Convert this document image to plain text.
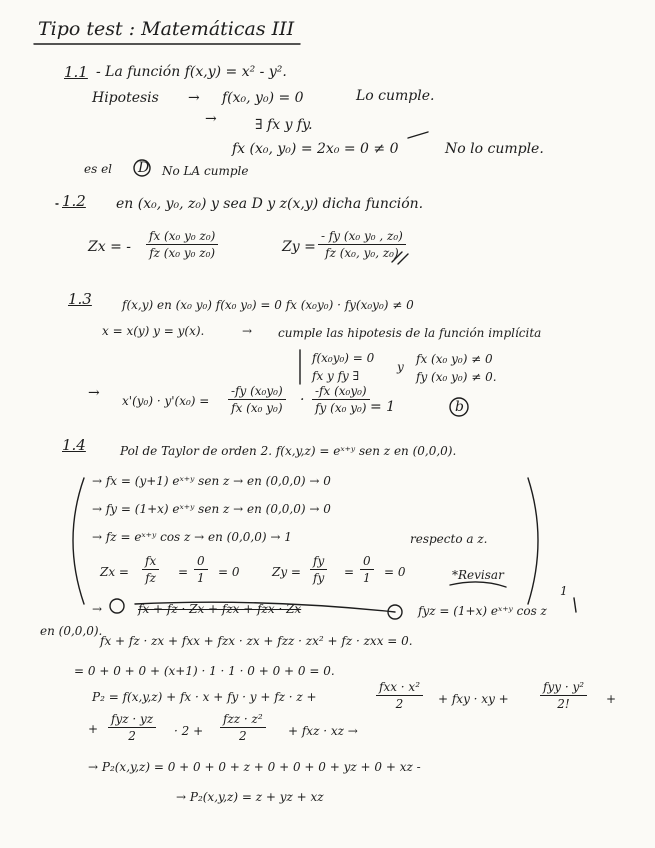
Tipo test : Matemáticas III
1.1 - La función f(x,y) = x² - y².
Hipotesis → f(x₀, y₀) = 0	Lo cumple.
→	∃ fx y fy.
fx (x₀, y₀) = 2x₀ = 0 ≠ 0	No lo cumple.
es el D No LA cumple
1.2 en (x₀, y₀, z₀) y sea D y z(x,y) dicha función.
Zx = - $\frac{\text{fx (x₀ y₀ z₀)}}{\text{fz (x₀ y₀ z₀)}}$	$Zy = \frac{\text{- fy (x₀ y₀ , z₀)}}{\text{fz (x₀, y₀, z₀)}}$
1.3	f(x,y) en (x₀ y₀) f(x₀ y₀) = 0 fx (x₀y₀) · fy(x₀y₀) ≠ 0
x = x(y) y = y(x).	→ cumple las hipotesis de la función implícita
f(x₀y₀) = 0
fx y fy ∃
y
fx (x₀ y₀) ≠ 0
fy (x₀ y₀) ≠ 0.
→ $x'(y_0) \cdot y'(x_0) = \frac{\text{-fy (x₀y₀)}}{\text{fx (x₀ y₀)}} \cdot \frac{\text{-fx (x₀y₀)}}{\text{fy (x₀ y₀)}} = 1$	b
1.4	Pol de Taylor de orden 2. f(x,y,z) = eˣ⁺ʸ sen z en (0,0,0).
→ fx = (y+1) eˣ⁺ʸ sen z → en (0,0,0) → 0
→ fy = (1+x) eˣ⁺ʸ sen z → en (0,0,0) → 0
→ fz = eˣ⁺ʸ cos z → en (0,0,0) → 1	respecto a z.
$Zx = \frac{fx}{fz} = \frac{0}{1} = 0$	$Zy = \frac{fy}{fy} = \frac{0}{1} = 0$	*Revisar
1
→	fx + fz · Zx + fzx + fzx · Zx	fyz = (1+x) eˣ⁺ʸ cos z
en (0,0,0).
fx + fz · zx + fxx + fzx · zx + fzz · zx² + fz · zxx = 0.
= 0 + 0 + 0 + (x+1) · 1 · 1 · 0 + 0 + 0 = 0.
P₂ = f(x,y,z) + fx · x + fy · y + fz · z +
fxx · x²
2	+ fxy · xy +
fyy · y²
2!	+
+
fyz · yz
2	· 2 +
fzz · z²
2	+ fxz · xz →
→ P₂(x,y,z) = 0 + 0 + 0 + z + 0 + 0 + 0 + yz + 0 + xz -
→ P₂(x,y,z) = z + yz + xz
